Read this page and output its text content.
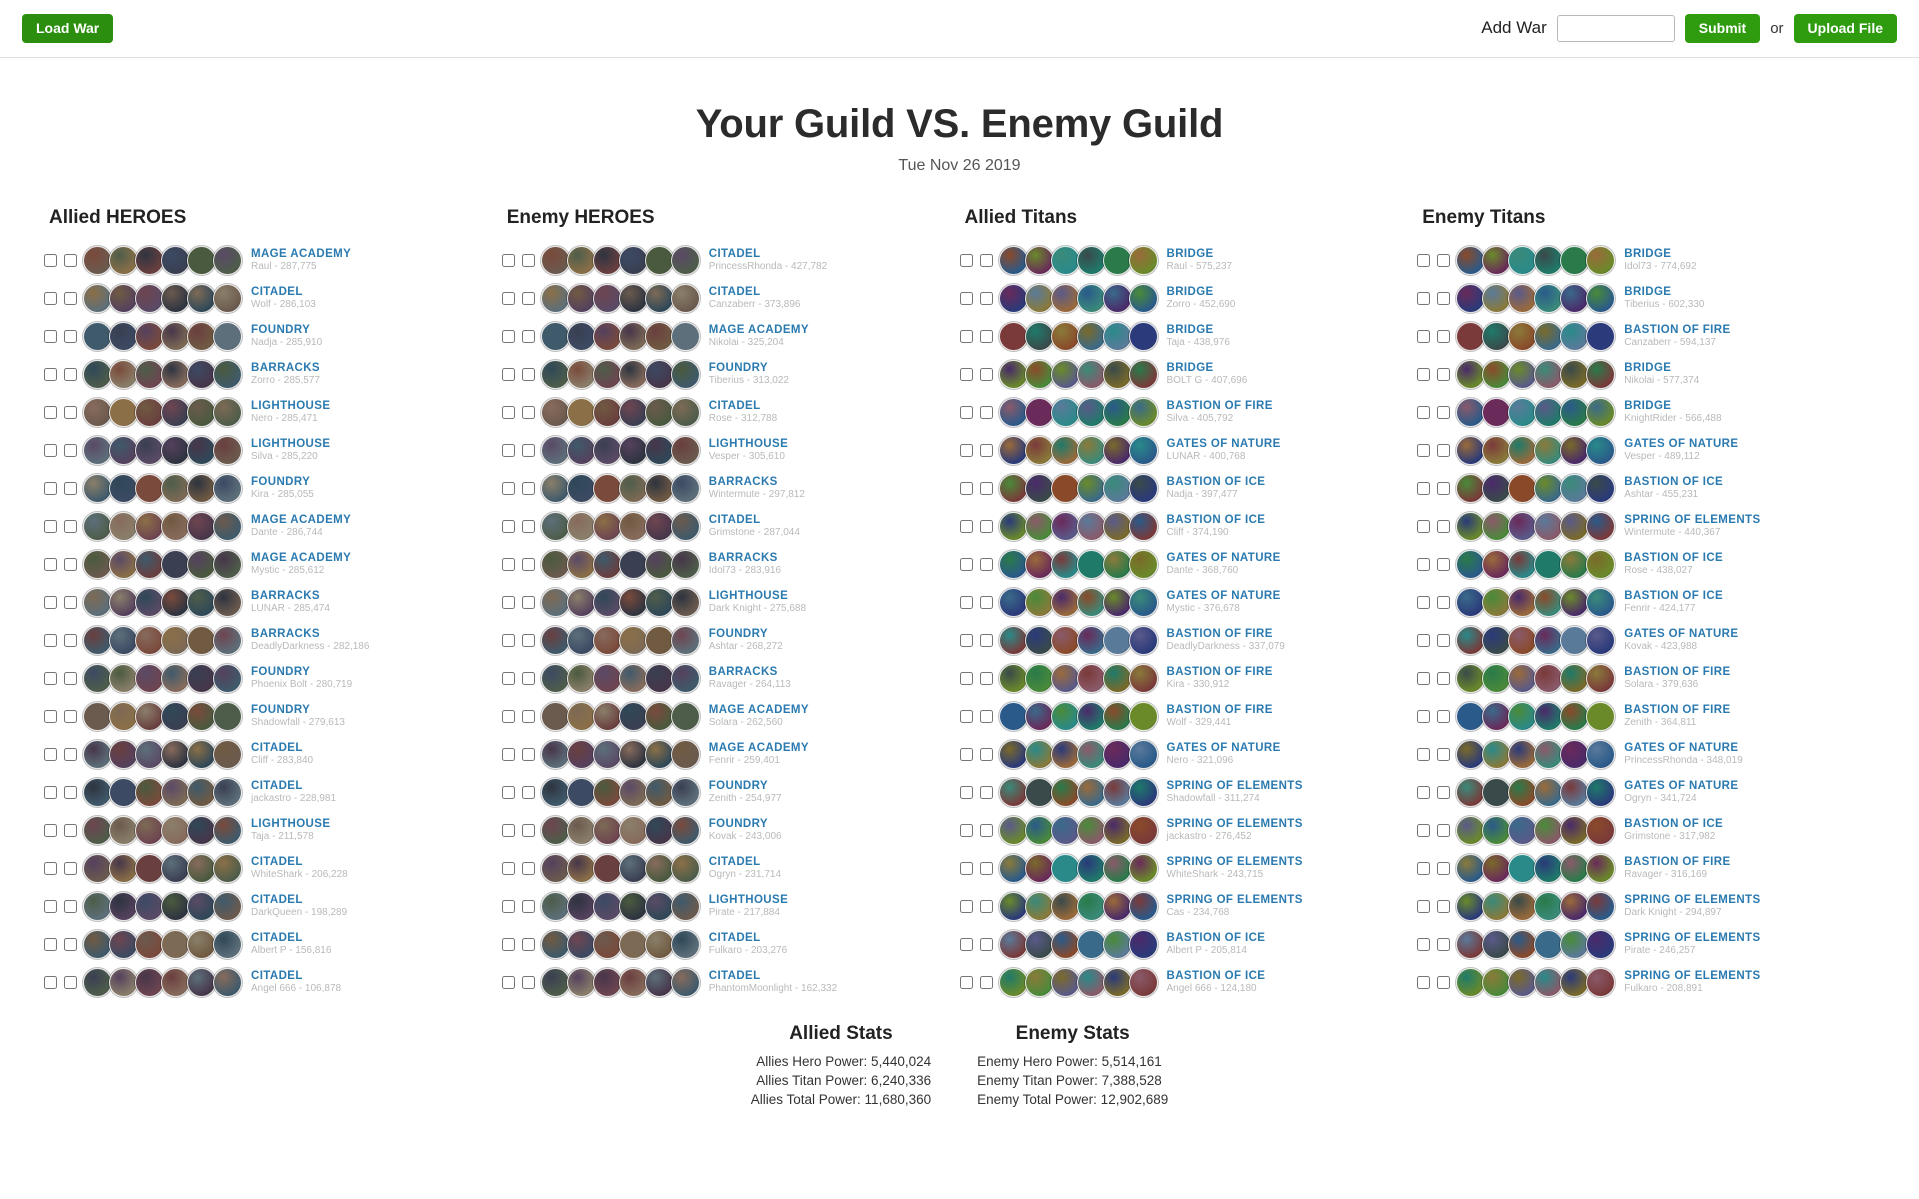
Load War	Add War	Submit	or	Upload File
Your Guild VS. Enemy Guild
Tue Nov 26 2019
Allied HEROES
MAGE ACADEMY
Raul - 287,775
CITADEL
Wolf - 286,103
FOUNDRY
Nadja - 285,910
BARRACKS
Zorro - 285,577
LIGHTHOUSE
Nero - 285,471
LIGHTHOUSE
Silva - 285,220
FOUNDRY
Kira - 285,055
MAGE ACADEMY
Dante - 286,744
MAGE ACADEMY
Mystic - 285,612
BARRACKS
LUNAR - 285,474
BARRACKS
DeadlyDarkness - 282,186
FOUNDRY
Phoenix Bolt - 280,719
FOUNDRY
Shadowfall - 279,613
CITADEL
Cliff - 283,840
CITADEL
jackastro - 228,981
LIGHTHOUSE
Taja - 211,578
CITADEL
WhiteShark - 206,228
CITADEL
DarkQueen - 198,289
CITADEL
Albert P - 156,816
CITADEL
Angel 666 - 106,878
Enemy HEROES
CITADEL
PrincessRhonda - 427,782
CITADEL
Canzaberr - 373,896
MAGE ACADEMY
Nikolai - 325,204
FOUNDRY
Tiberius - 313,022
CITADEL
Rose - 312,788
LIGHTHOUSE
Vesper - 305,610
BARRACKS
Wintermute - 297,812
CITADEL
Grimstone - 287,044
BARRACKS
Idol73 - 283,916
LIGHTHOUSE
Dark Knight - 275,688
FOUNDRY
Ashtar - 268,272
BARRACKS
Ravager - 264,113
MAGE ACADEMY
Solara - 262,560
MAGE ACADEMY
Fenrir - 259,401
FOUNDRY
Zenith - 254,977
FOUNDRY
Kovak - 243,006
CITADEL
Ogryn - 231,714
LIGHTHOUSE
Pirate - 217,884
CITADEL
Fulkaro - 203,276
CITADEL
PhantomMoonlight - 162,332
Allied Titans
BRIDGE
Raul - 575,237
BRIDGE
Zorro - 452,690
BRIDGE
Taja - 438,976
BRIDGE
BOLT G - 407,696
BASTION OF FIRE
Silva - 405,792
GATES OF NATURE
LUNAR - 400,768
BASTION OF ICE
Nadja - 397,477
BASTION OF ICE
Cliff - 374,190
GATES OF NATURE
Dante - 368,760
GATES OF NATURE
Mystic - 376,678
BASTION OF FIRE
DeadlyDarkness - 337,079
BASTION OF FIRE
Kira - 330,912
BASTION OF FIRE
Wolf - 329,441
GATES OF NATURE
Nero - 321,096
SPRING OF ELEMENTS
Shadowfall - 311,274
SPRING OF ELEMENTS
jackastro - 276,452
SPRING OF ELEMENTS
WhiteShark - 243,715
SPRING OF ELEMENTS
Cas - 234,768
BASTION OF ICE
Albert P - 205,814
BASTION OF ICE
Angel 666 - 124,180
Enemy Titans
BRIDGE
Idol73 - 774,692
BRIDGE
Tiberius - 602,330
BASTION OF FIRE
Canzaberr - 594,137
BRIDGE
Nikolai - 577,374
BRIDGE
KnightRider - 566,488
GATES OF NATURE
Vesper - 489,112
BASTION OF ICE
Ashtar - 455,231
SPRING OF ELEMENTS
Wintermute - 440,367
BASTION OF ICE
Rose - 438,027
BASTION OF ICE
Fenrir - 424,177
GATES OF NATURE
Kovak - 423,988
BASTION OF FIRE
Solara - 379,636
BASTION OF FIRE
Zenith - 364,811
GATES OF NATURE
PrincessRhonda - 348,019
GATES OF NATURE
Ogryn - 341,724
BASTION OF ICE
Grimstone - 317,982
BASTION OF FIRE
Ravager - 316,169
SPRING OF ELEMENTS
Dark Knight - 294,897
SPRING OF ELEMENTS
Pirate - 246,257
SPRING OF ELEMENTS
Fulkaro - 208,891
Allied Stats
Allies Hero Power: 5,440,024
Allies Titan Power: 6,240,336
Allies Total Power: 11,680,360
Enemy Stats
Enemy Hero Power: 5,514,161
Enemy Titan Power: 7,388,528
Enemy Total Power: 12,902,689
